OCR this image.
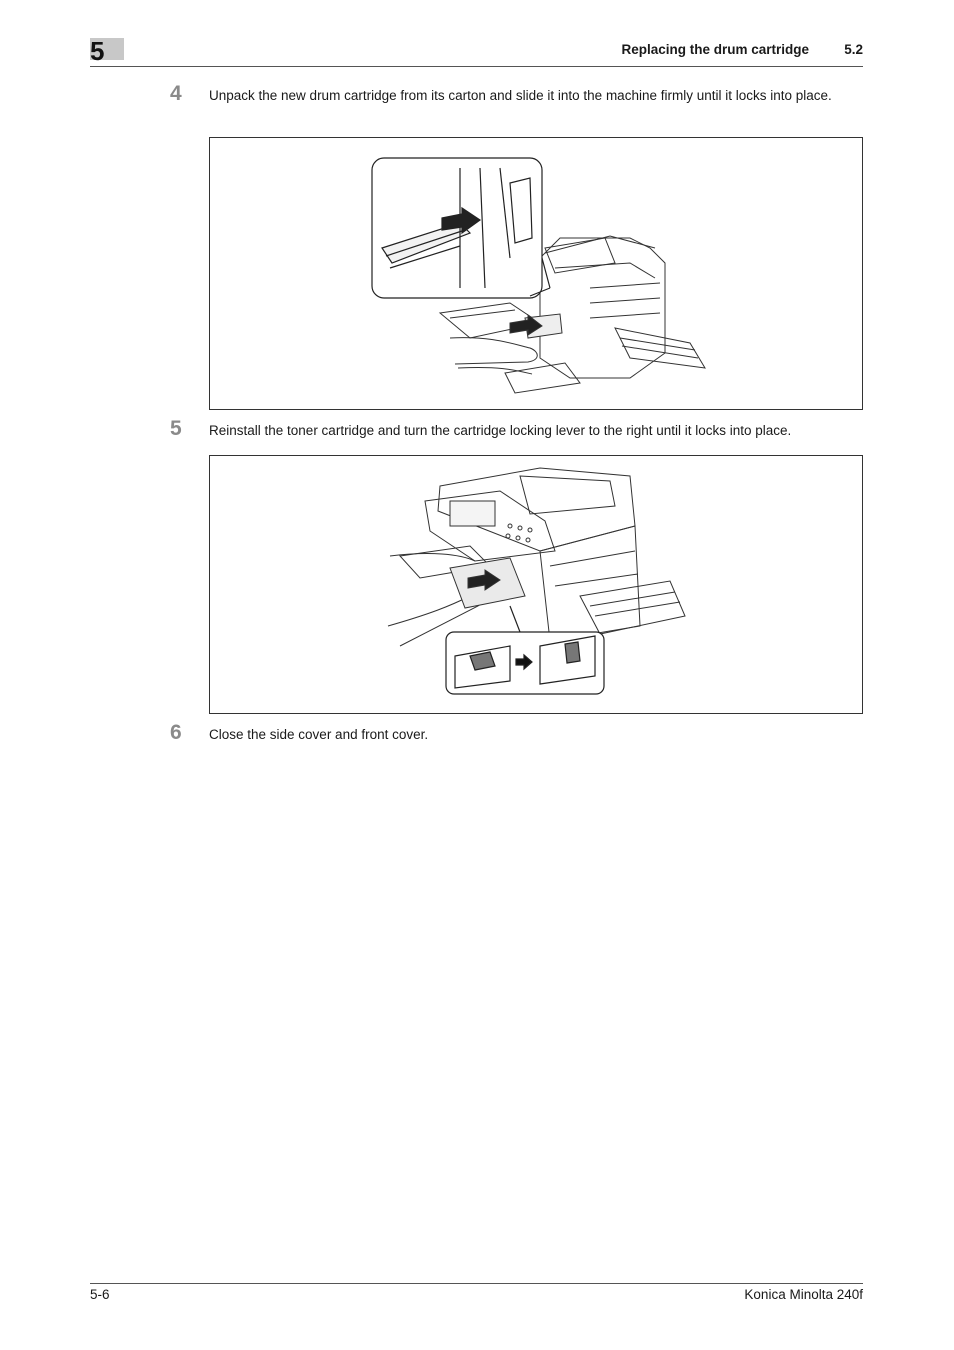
5	Replacing the drum cartridge	5.2
4	Unpack the new drum cartridge from its carton and slide it into the machine firmly until it locks into place.
5	Reinstall the toner cartridge and turn the cartridge locking lever to the right until it locks into place.
6	Close the side cover and front cover.
5-6	Konica Minolta 240f
